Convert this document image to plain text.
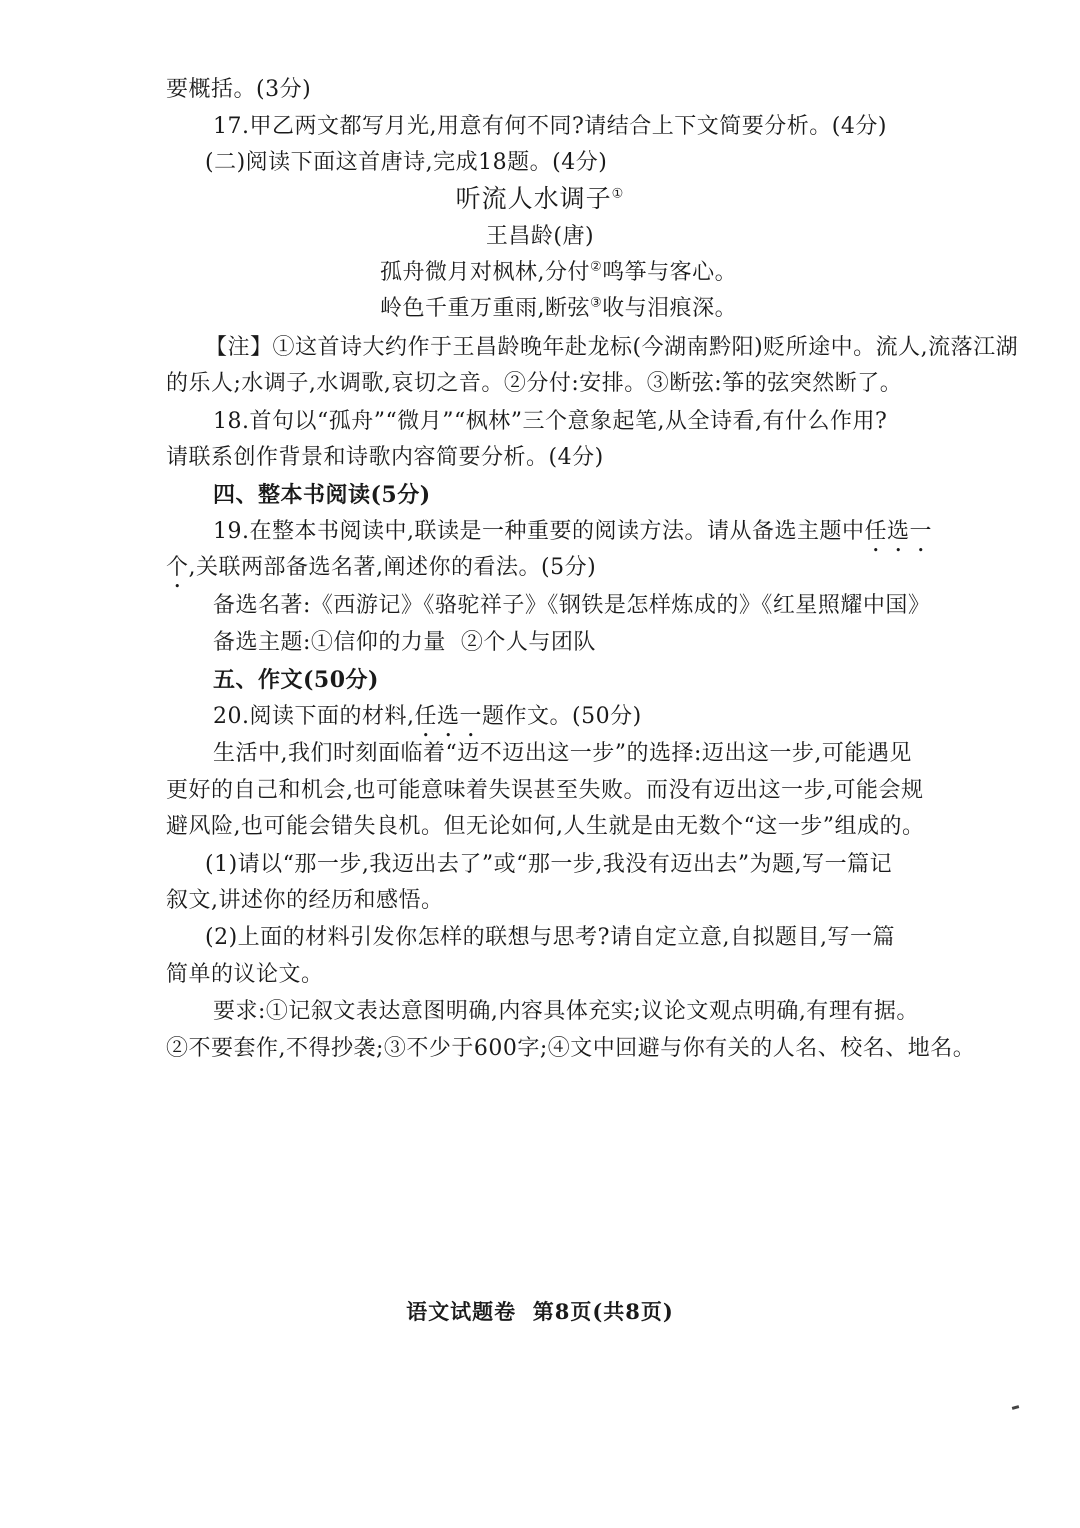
要概括。(3分)
17.甲乙两文都写月光,用意有何不同?请结合上下文简要分析。(4分)
(二)阅读下面这首唐诗,完成18题。(4分)
听流人水调子①
王昌龄(唐)
孤舟微月对枫林,分付②鸣筝与客心。
岭色千重万重雨,断弦③收与泪痕深。
【注】①这首诗大约作于王昌龄晚年赴龙标(今湖南黔阳)贬所途中。流人,流落江湖
的乐人;水调子,水调歌,哀切之音。②分付:安排。③断弦:筝的弦突然断了。
18.首句以“孤舟”“微月”“枫林”三个意象起笔,从全诗看,有什么作用?
请联系创作背景和诗歌内容简要分析。(4分)
四、整本书阅读(5分)
19.在整本书阅读中,联读是一种重要的阅读方法。请从备选主题中任选一
个,关联两部备选名著,阐述你的看法。(5分)
备选名著:《西游记》《骆驼祥子》《钢铁是怎样炼成的》《红星照耀中国》
备选主题:①信仰的力量  ②个人与团队
五、作文(50分)
20.阅读下面的材料,任选一题作文。(50分)
生活中,我们时刻面临着“迈不迈出这一步”的选择:迈出这一步,可能遇见
更好的自己和机会,也可能意味着失误甚至失败。而没有迈出这一步,可能会规
避风险,也可能会错失良机。但无论如何,人生就是由无数个“这一步”组成的。
(1)请以“那一步,我迈出去了”或“那一步,我没有迈出去”为题,写一篇记
叙文,讲述你的经历和感悟。
(2)上面的材料引发你怎样的联想与思考?请自定立意,自拟题目,写一篇
简单的议论文。
要求:①记叙文表达意图明确,内容具体充实;议论文观点明确,有理有据。
②不要套作,不得抄袭;③不少于600字;④文中回避与你有关的人名、校名、地名。
语文试题卷  第8页(共8页)
